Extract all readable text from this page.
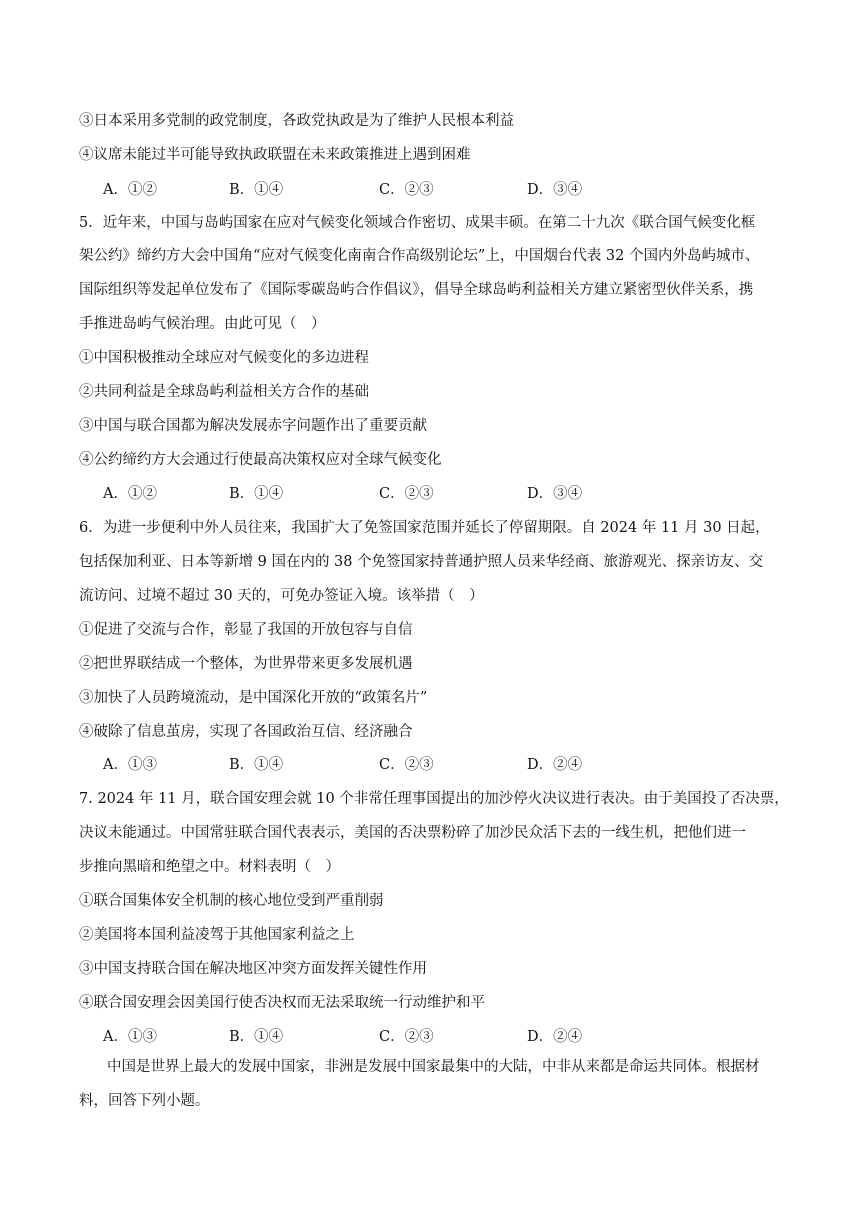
③日本采用多党制的政党制度，各政党执政是为了维护人民根本利益
④议席未能过半可能导致执政联盟在未来政策推进上遇到困难
A．①②	B．①④	C．②③	D．③④
5．近年来，中国与岛屿国家在应对气候变化领域合作密切、成果丰硕。在第二十九次《联合国气候变化框
架公约》缔约方大会中国角“应对气候变化南南合作高级别论坛”上，中国烟台代表 32 个国内外岛屿城市、
国际组织等发起单位发布了《国际零碳岛屿合作倡议》，倡导全球岛屿利益相关方建立紧密型伙伴关系，携
手推进岛屿气候治理。由此可见（　）
①中国积极推动全球应对气候变化的多边进程
②共同利益是全球岛屿利益相关方合作的基础
③中国与联合国都为解决发展赤字问题作出了重要贡献
④公约缔约方大会通过行使最高决策权应对全球气候变化
A．①②	B．①④	C．②③	D．③④
6．为进一步便利中外人员往来，我国扩大了免签国家范围并延长了停留期限。自 2024 年 11 月 30 日起，
包括保加利亚、日本等新增 9 国在内的 38 个免签国家持普通护照人员来华经商、旅游观光、探亲访友、交
流访问、过境不超过 30 天的，可免办签证入境。该举措（　）
①促进了交流与合作，彰显了我国的开放包容与自信
②把世界联结成一个整体，为世界带来更多发展机遇
③加快了人员跨境流动，是中国深化开放的“政策名片”
④破除了信息茧房，实现了各国政治互信、经济融合
A．①③	B．①④	C．②③	D．②④
7. 2024 年 11 月，联合国安理会就 10 个非常任理事国提出的加沙停火决议进行表决。由于美国投了否决票，
决议未能通过。中国常驻联合国代表表示，美国的否决票粉碎了加沙民众活下去的一线生机，把他们进一
步推向黑暗和绝望之中。材料表明（　）
①联合国集体安全机制的核心地位受到严重削弱
②美国将本国利益凌驾于其他国家利益之上
③中国支持联合国在解决地区冲突方面发挥关键性作用
④联合国安理会因美国行使否决权而无法采取统一行动维护和平
A．①③	B．①④	C．②③	D．②④
中国是世界上最大的发展中国家，非洲是发展中国家最集中的大陆，中非从来都是命运共同体。根据材料，回答下列小题。
